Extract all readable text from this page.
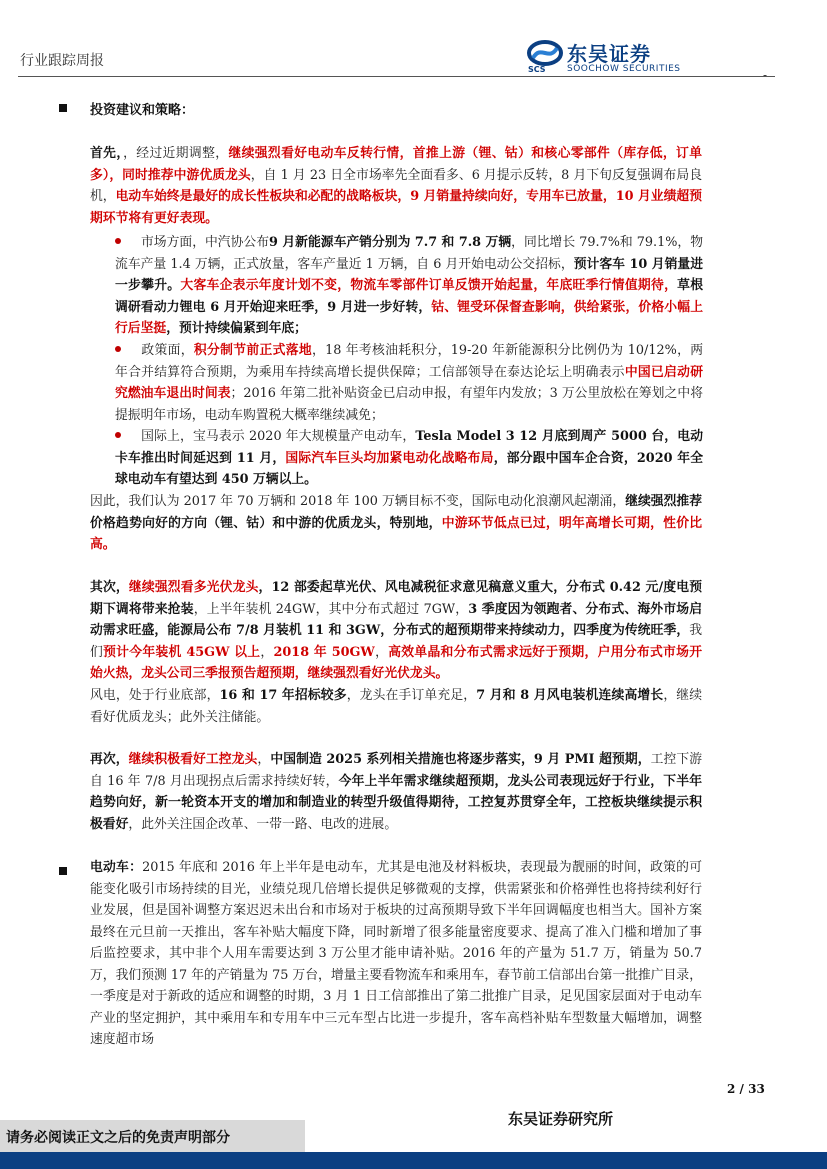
行业跟踪周报
SCS
东吴证券
SOOCHOW SECURITIES	-
投资建议和策略：
首先，，经过近期调整，继续强烈看好电动车反转行情，首推上游（锂、钴）和核心零部件（库存低，订单多），同时推荐中游优质龙头，自 1 月 23 日全市场率先全面看多、6 月提示反转，8 月下旬反复强调布局良机，电动车始终是最好的成长性板块和必配的战略板块，9 月销量持续向好，专用车已放量，10 月业绩超预期环节将有更好表现。
市场方面，中汽协公布9 月新能源车产销分别为 7.7 和 7.8 万辆，同比增长 79.7%和 79.1%，物流车产量 1.4 万辆，正式放量，客车产量近 1 万辆，自 6 月开始电动公交招标，预计客车 10 月销量进一步攀升。大客车企表示年度计划不变，物流车零部件订单反馈开始起量，年底旺季行情值期待，草根调研看动力锂电 6 月开始迎来旺季，9 月进一步好转，钴、锂受环保督查影响，供给紧张，价格小幅上行后坚挺，预计持续偏紧到年底；
政策面，积分制节前正式落地，18 年考核油耗积分，19-20 年新能源积分比例仍为 10/12%，两年合并结算符合预期，为乘用车持续高增长提供保障；工信部领导在泰达论坛上明确表示中国已启动研究燃油车退出时间表；2016 年第二批补贴资金已启动申报，有望年内发放；3 万公里放松在筹划之中将提振明年市场，电动车购置税大概率继续减免；
国际上，宝马表示 2020 年大规模量产电动车，Tesla Model 3 12 月底到周产 5000 台，电动卡车推出时间延迟到 11 月，国际汽车巨头均加紧电动化战略布局，部分跟中国车企合资，2020 年全球电动车有望达到 450 万辆以上。
因此，我们认为 2017 年 70 万辆和 2018 年 100 万辆目标不变，国际电动化浪潮风起潮涌，继续强烈推荐价格趋势向好的方向（锂、钴）和中游的优质龙头，特别地，中游环节低点已过，明年高增长可期，性价比高。
其次，继续强烈看多光伏龙头，12 部委起草光伏、风电减税征求意见稿意义重大，分布式 0.42 元/度电预期下调将带来抢装，上半年装机 24GW，其中分布式超过 7GW，3 季度因为领跑者、分布式、海外市场启动需求旺盛，能源局公布 7/8 月装机 11 和 3GW，分布式的超预期带来持续动力，四季度为传统旺季，我们预计今年装机 45GW 以上，2018 年 50GW，高效单晶和分布式需求远好于预期，户用分布式市场开始火热，龙头公司三季报预告超预期，继续强烈看好光伏龙头。
风电，处于行业底部，16 和 17 年招标较多，龙头在手订单充足，7 月和 8 月风电装机连续高增长，继续看好优质龙头；此外关注储能。
再次，继续积极看好工控龙头，中国制造 2025 系列相关措施也将逐步落实，9 月 PMI 超预期，工控下游自 16 年 7/8 月出现拐点后需求持续好转，今年上半年需求继续超预期，龙头公司表现远好于行业，下半年趋势向好，新一轮资本开支的增加和制造业的转型升级值得期待，工控复苏贯穿全年，工控板块继续提示积极看好，此外关注国企改革、一带一路、电改的进展。
电动车：2015 年底和 2016 年上半年是电动车，尤其是电池及材料板块，表现最为靓丽的时间，政策的可能变化吸引市场持续的目光，业绩兑现几倍增长提供足够微观的支撑，供需紧张和价格弹性也将持续利好行业发展，但是国补调整方案迟迟未出台和市场对于板块的过高预期导致下半年回调幅度也相当大。国补方案最终在元旦前一天推出，客车补贴大幅度下降，同时新增了很多能量密度要求、提高了准入门槛和增加了事后监控要求，其中非个人用车需要达到 3 万公里才能申请补贴。2016 年的产量为 51.7 万，销量为 50.7 万，我们预测 17 年的产销量为 75 万台，增量主要看物流车和乘用车，春节前工信部出台第一批推广目录，一季度是对于新政的适应和调整的时期，3 月 1 日工信部推出了第二批推广目录，足见国家层面对于电动车产业的坚定拥护，其中乘用车和专用车中三元车型占比进一步提升，客车高档补贴车型数量大幅增加，调整速度超市场
2 / 33
请务必阅读正文之后的免责声明部分
东吴证券研究所
